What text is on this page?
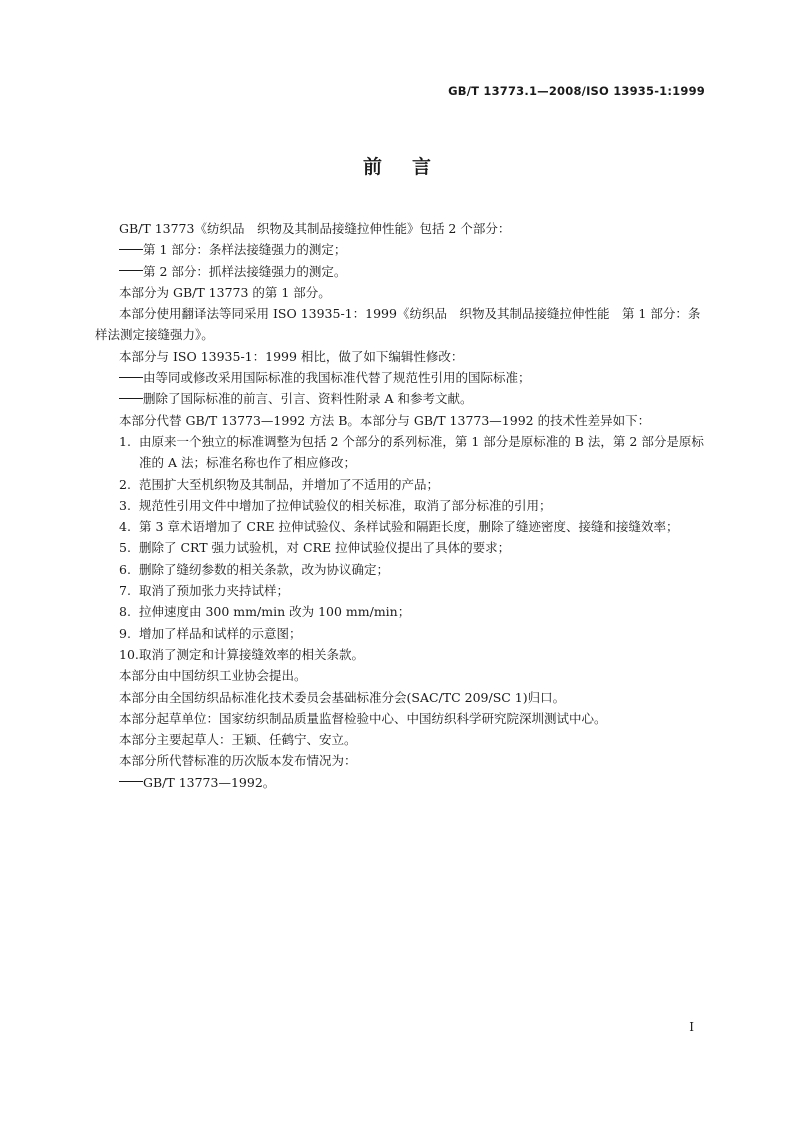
GB/T 13773.1—2008/ISO 13935-1:1999
前言

GB/T 13773《纺织品　织物及其制品接缝拉伸性能》包括 2 个部分：

第 1 部分：条样法接缝强力的测定；

第 2 部分：抓样法接缝强力的测定。

本部分为 GB/T 13773 的第 1 部分。

本部分使用翻译法等同采用 ISO 13935-1：1999《纺织品　织物及其制品接缝拉伸性能　第 1 部分：条样法测定接缝强力》。

本部分与 ISO 13935-1：1999 相比，做了如下编辑性修改：

由等同或修改采用国际标准的我国标准代替了规范性引用的国际标准；

删除了国际标准的前言、引言、资料性附录 A 和参考文献。

本部分代替 GB/T 13773—1992 方法 B。本部分与 GB/T 13773—1992 的技术性差异如下：

1. 由原来一个独立的标准调整为包括 2 个部分的系列标准，第 1 部分是原标准的 B 法，第 2 部分是原标准的 A 法；标准名称也作了相应修改；

2. 范围扩大至机织物及其制品，并增加了不适用的产品；

3. 规范性引用文件中增加了拉伸试验仪的相关标准，取消了部分标准的引用；

4. 第 3 章术语增加了 CRE 拉伸试验仪、条样试验和隔距长度，删除了缝迹密度、接缝和接缝效率；

5. 删除了 CRT 强力试验机，对 CRE 拉伸试验仪提出了具体的要求；

6. 删除了缝纫参数的相关条款，改为协议确定；

7. 取消了预加张力夹持试样；

8. 拉伸速度由 300 mm/min 改为 100 mm/min；

9. 增加了样品和试样的示意图；

10.取消了测定和计算接缝效率的相关条款。

本部分由中国纺织工业协会提出。

本部分由全国纺织品标准化技术委员会基础标准分会(SAC/TC 209/SC 1)归口。

本部分起草单位：国家纺织制品质量监督检验中心、中国纺织科学研究院深圳测试中心。

本部分主要起草人：王颖、任鹤宁、安立。

本部分所代替标准的历次版本发布情况为：

GB/T 13773—1992。

I
